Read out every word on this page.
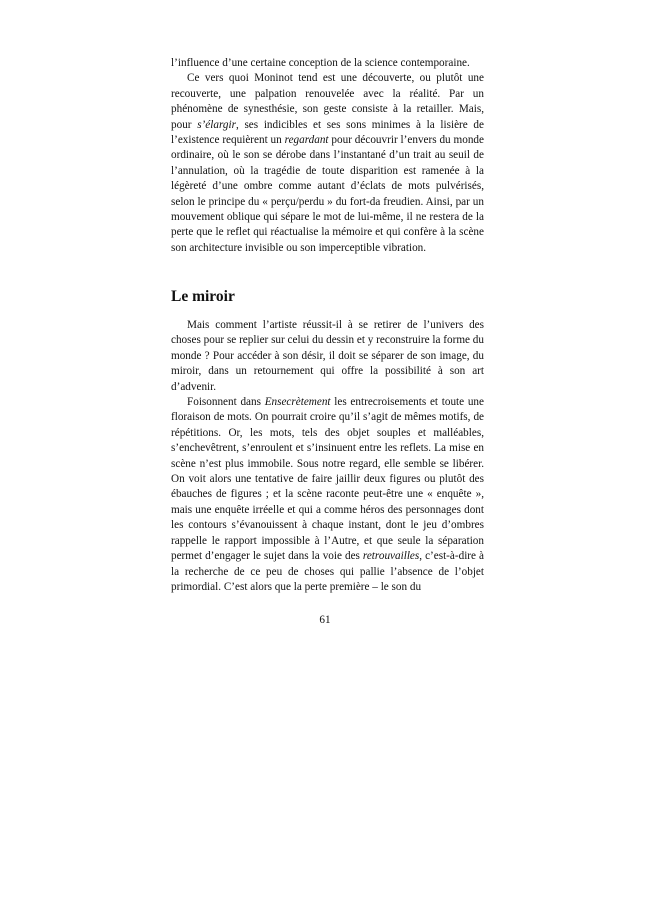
l’influence d’une certaine conception de la science contemporaine.

Ce vers quoi Moninot tend est une découverte, ou plutôt une recouverte, une palpation renouvelée avec la réalité. Par un phénomène de synesthésie, son geste consiste à la retailler. Mais, pour s’élargir, ses indicibles et ses sons minimes à la lisière de l’existence requièrent un regardant pour découvrir l’envers du monde ordinaire, où le son se dérobe dans l’instantané d’un trait au seuil de l’annulation, où la tragédie de toute disparition est ramenée à la légèreté d’une ombre comme autant d’éclats de mots pulvérisés, selon le principe du « perçu/perdu » du fort-da freudien. Ainsi, par un mouvement oblique qui sépare le mot de lui-même, il ne restera de la perte que le reflet qui réactualise la mémoire et qui confère à la scène son architecture invisible ou son imperceptible vibration.

Le miroir

Mais comment l’artiste réussit-il à se retirer de l’univers des choses pour se replier sur celui du dessin et y reconstruire la forme du monde ? Pour accéder à son désir, il doit se séparer de son image, du miroir, dans un retournement qui offre la possibilité à son art d’advenir.

Foisonnent dans Ensecrètement les entrecroisements et toute une floraison de mots. On pourrait croire qu’il s’agit de mêmes motifs, de répétitions. Or, les mots, tels des objet souples et malléables, s’enchevêtrent, s’enroulent et s’insinuent entre les reflets. La mise en scène n’est plus immobile. Sous notre regard, elle semble se libérer. On voit alors une tentative de faire jaillir deux figures ou plutôt des ébauches de figures ; et la scène raconte peut-être une « enquête », mais une enquête irréelle et qui a comme héros des personnages dont les contours s’évanouissent à chaque instant, dont le jeu d’ombres rappelle le rapport impossible à l’Autre, et que seule la séparation permet d’engager le sujet dans la voie des retrouvailles, c’est-à-dire à la recherche de ce peu de choses qui pallie l’absence de l’objet primordial. C’est alors que la perte première – le son du

61
